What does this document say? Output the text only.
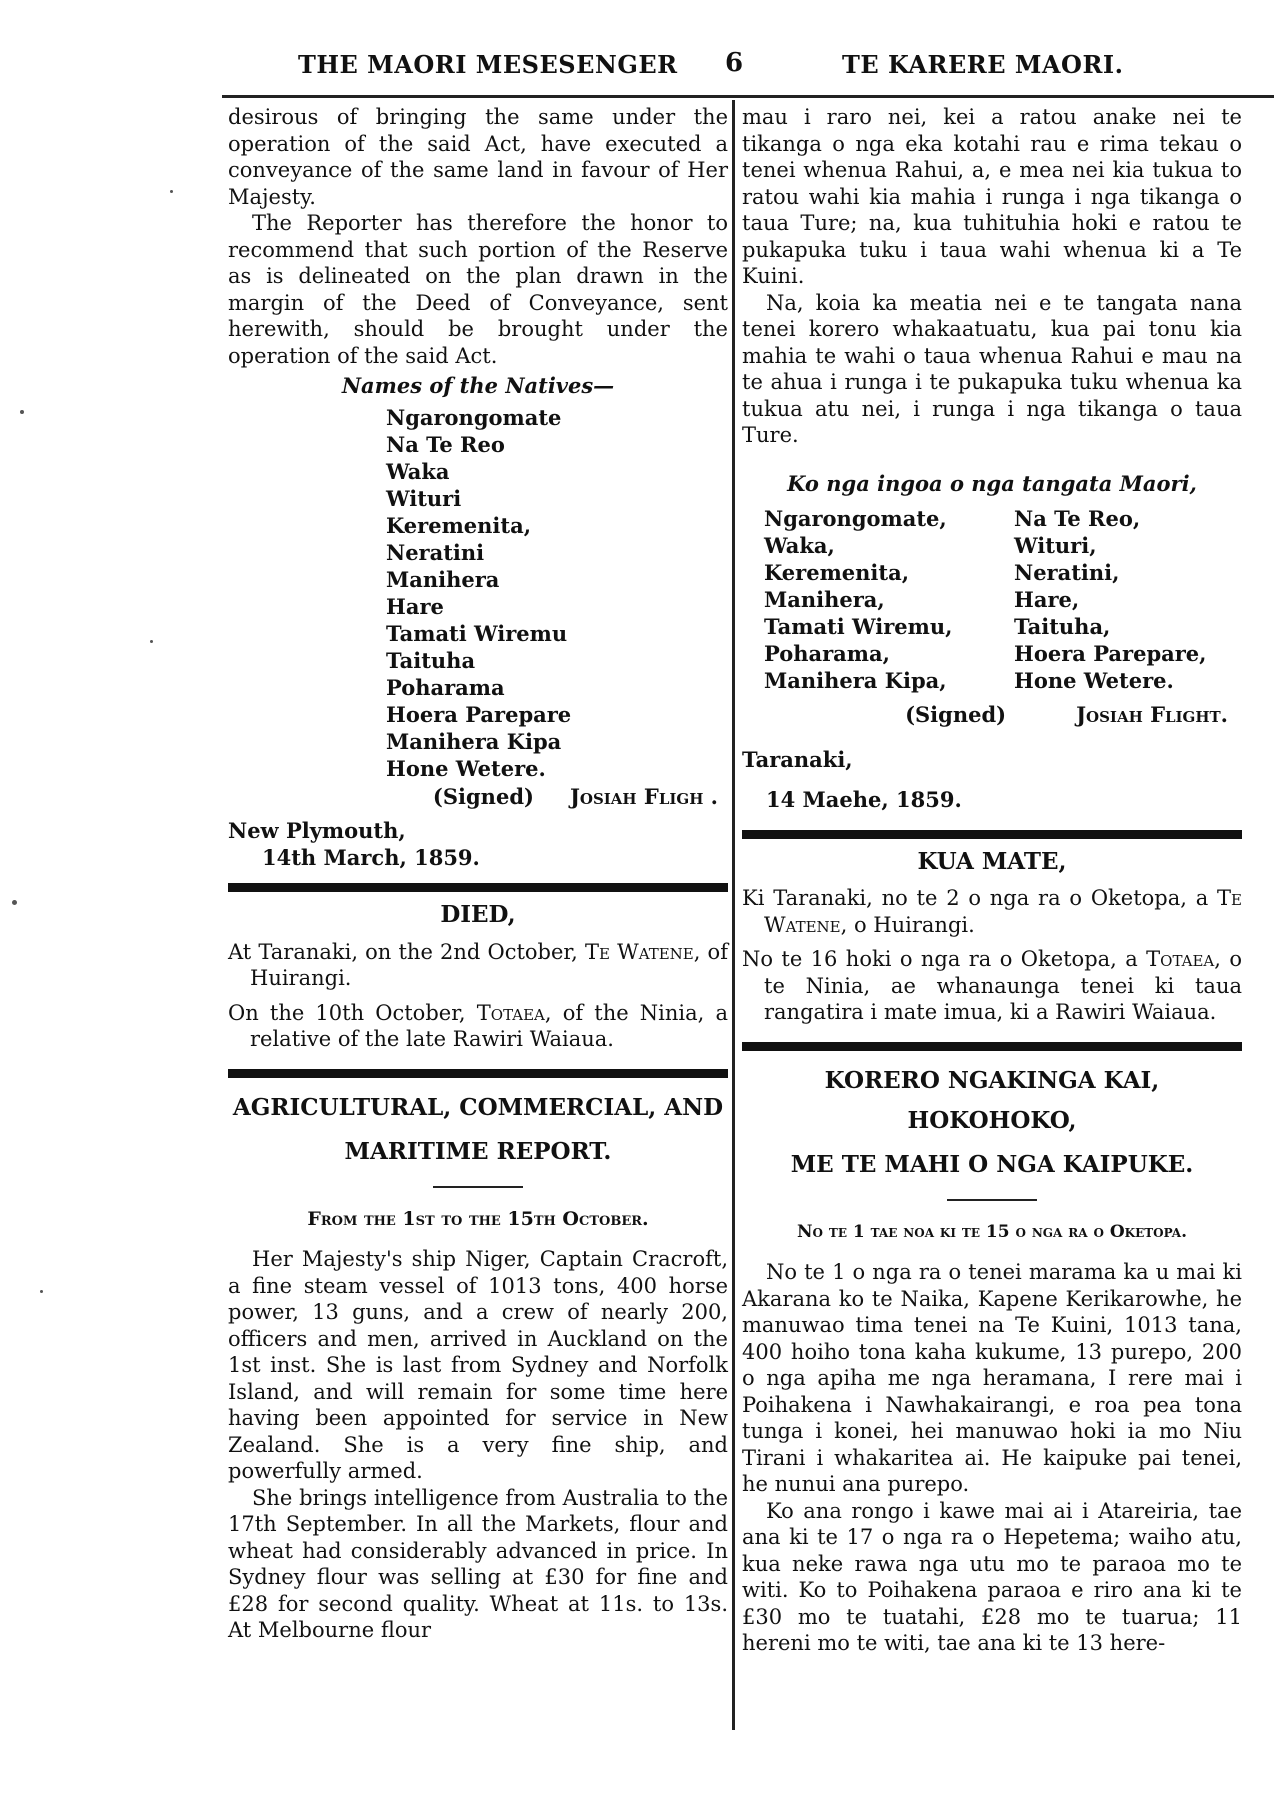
THE MAORI MESESENGER 6	TE KARERE MAORI.

desirous of bringing the same under the operation of the said Act, have executed a conveyance of the same land in favour of Her Majesty.

The Reporter has therefore the honor to recommend that such portion of the Reserve as is delineated on the plan drawn in the margin of the Deed of Conveyance, sent herewith, should be brought under the operation of the said Act.

Names of the Natives—

Ngarongomate
Na Te Reo
Waka
Wituri
Keremenita,
Neratini
Manihera
Hare
Tamati Wiremu
Taituha
Poharama
Hoera Parepare
Manihera Kipa
Hone Wetere.

(Signed) Josiah Fligh .

New Plymouth,

14th March, 1859.

DIED,

At Taranaki, on the 2nd October, Te Watene, of Huirangi.

On the 10th October, Totaea, of the Ninia, a relative of the late Rawiri Waiaua.

AGRICULTURAL, COMMERCIAL, AND

MARITIME REPORT.

From the 1st to the 15th October.

Her Majesty's ship Niger, Captain Cracroft, a fine steam vessel of 1013 tons, 400 horse power, 13 guns, and a crew of nearly 200, officers and men, arrived in Auckland on the 1st inst. She is last from Sydney and Norfolk Island, and will remain for some time here having been appointed for service in New Zealand. She is a very fine ship, and powerfully armed.

She brings intelligence from Australia to the 17th September. In all the Markets, flour and wheat had considerably advanced in price. In Sydney flour was selling at £30 for fine and £28 for second quality. Wheat at 11s. to 13s. At Melbourne flour

mau i raro nei, kei a ratou anake nei te tikanga o nga eka kotahi rau e rima tekau o tenei whenua Rahui, a, e mea nei kia tukua to ratou wahi kia mahia i runga i nga tikanga o taua Ture; na, kua tuhituhia hoki e ratou te pukapuka tuku i taua wahi whenua ki a Te Kuini.

Na, koia ka meatia nei e te tangata nana tenei korero whakaatuatu, kua pai tonu kia mahia te wahi o taua whenua Rahui e mau na te ahua i runga i te pukapuka tuku whenua ka tukua atu nei, i runga i nga tikanga o taua Ture.

Ko nga ingoa o nga tangata Maori,

Ngarongomate,	Na Te Reo,
Waka,	Wituri,
Keremenita,	Neratini,
Manihera,	Hare,
Tamati Wiremu,	Taituha,
Poharama,	Hoera Parepare,
Manihera Kipa,	Hone Wetere.

(Signed)	Josiah Flight.

Taranaki,

14 Maehe, 1859.

KUA MATE,

Ki Taranaki, no te 2 o nga ra o Oketopa, a Te Watene, o Huirangi.

No te 16 hoki o nga ra o Oketopa, a Totaea, o te Ninia, ae whanaunga tenei ki taua rangatira i mate imua, ki a Rawiri Waiaua.

KORERO NGAKINGA KAI, HOKOHOKO,

ME TE MAHI O NGA KAIPUKE.

No te 1 tae noa ki te 15 o nga ra o Oketopa.

No te 1 o nga ra o tenei marama ka u mai ki Akarana ko te Naika, Kapene Kerikarowhe, he manuwao tima tenei na Te Kuini, 1013 tana, 400 hoiho tona kaha kukume, 13 purepo, 200 o nga apiha me nga heramana, I rere mai i Poihakena i Nawhakairangi, e roa pea tona tunga i konei, hei manuwao hoki ia mo Niu Tirani i whakaritea ai. He kaipuke pai tenei, he nunui ana purepo.

Ko ana rongo i kawe mai ai i Atareiria, tae ana ki te 17 o nga ra o Hepetema; waiho atu, kua neke rawa nga utu mo te paraoa mo te witi. Ko to Poihakena paraoa e riro ana ki te £30 mo te tuatahi, £28 mo te tuarua; 11 hereni mo te witi, tae ana ki te 13 here-
